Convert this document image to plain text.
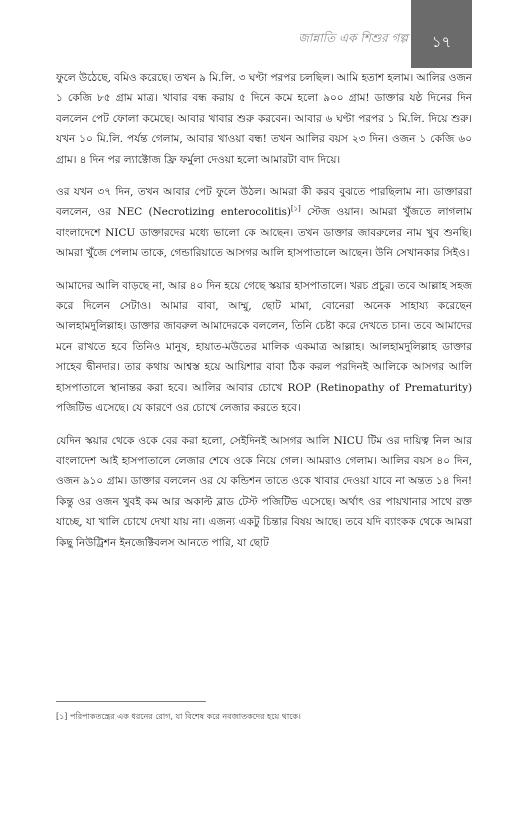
জান্নাতি এক শিশুর গল্প ১৭

ফুলে উঠেছে, বমিও করেছে। তখন ৯ মি.লি. ৩ ঘণ্টা পরপর চলছিল। আমি হতাশ হলাম। আলির ওজন ১ কেজি ৮৫ গ্রাম মাত্র। খাবার বন্ধ করায় ৫ দিনে কমে হলো ৯০০ গ্রাম! ডাক্তার যষ্ঠ দিনের দিন বললেন পেট ফোলা কমেছে। আবার খাবার শুরু করবেন। আবার ৬ ঘণ্টা পরপর ১ মি.লি. দিয়ে শুরু। যখন ১০ মি.লি. পর্যন্ত গেলাম, আবার খাওয়া বন্ধ! তখন আলির বয়স ২৩ দিন। ওজন ১ কেজি ৬০ গ্রাম। ৪ দিন পর ল্যাক্টোজ ফ্রি ফর্মুলা দেওয়া হলো আমারটা বাদ দিয়ে।

ওর যখন ৩৭ দিন, তখন আবার পেট ফুলে উঠল। আমরা কী করব বুঝতে পারছিলাম না। ডাক্তাররা বললেন, ওর NEC (Necrotizing enterocolitis)[১] স্টেজ ওয়ান। আমরা খুঁজতে লাগলাম বাংলাদেশে NICU ডাক্তারদের মধ্যে ভালো কে আছেন। তখন ডাক্তার জাবরুলের নাম খুব শুনছি। আমরা খুঁজে পেলাম তাকে, গেন্ডারিয়াতে আসগর আলি হাসপাতালে আছেন। উনি সেখানকার সিইও।

আমাদের আলি বাড়ছে না, আর ৪০ দিন হয়ে গেছে স্কয়ার হাসপাতালে। খরচ প্রচুর। তবে আল্লাহ সহজ করে দিলেন সেটাও। আমার বাবা, আম্মু, ছোট মামা, বোনেরা অনেক সাহায্য করেছেন আলহামদুলিল্লাহ। ডাক্তার জাবরুল আমাদেরকে বললেন, তিনি চেষ্টা করে দেখতে চান। তবে আমাদের মনে রাখতে হবে তিনিও মানুষ, হায়াত-মউতের মালিক একমাত্র আল্লাহ। আলহামদুলিল্লাহ ডাক্তার সাহেব দ্বীনদার। তার কথায় আশ্বস্ত হয়ে আয়িশার বাবা ঠিক করল পরদিনই আলিকে আসগর আলি হাসপাতালে স্থানান্তর করা হবে। আলির আবার চোখে ROP (Retinopathy of Prematurity) পজিটিভ এসেছে। যে কারণে ওর চোখে লেজার করতে হবে।

যেদিন স্কয়ার থেকে ওকে বের করা হলো, সেইদিনই আসগর আলি NICU টিম ওর দায়িত্ব নিল আর বাংলাদেশ আই হাসপাতালে লেজার শেষে ওকে নিয়ে গেল। আমরাও গেলাম। আলির বয়স ৪০ দিন, ওজন ৯১০ গ্রাম। ডাক্তার বললেন ওর যে কন্ডিশন তাতে ওকে খাবার দেওয়া যাবে না অন্তত ১৪ দিন! কিন্তু ওর ওজন খুবই কম আর অকাল্ট ব্লাড টেস্ট পজিটিভ এসেছে। অর্থাৎ ওর পায়খানার সাথে রক্ত যাচ্ছে, যা খালি চোখে দেখা যায় না। এজন্য একটু চিন্তার বিষয় আছে। তবে যদি ব্যাংকক থেকে আমরা কিছু নিউট্রিশন ইনজেক্টিবলস আনতে পারি, যা ছোট

[১] পরিপাকতন্ত্রের এক ধরনের রোগ, যা বিশেষ করে নবজাতকদের হয়ে থাকে।
